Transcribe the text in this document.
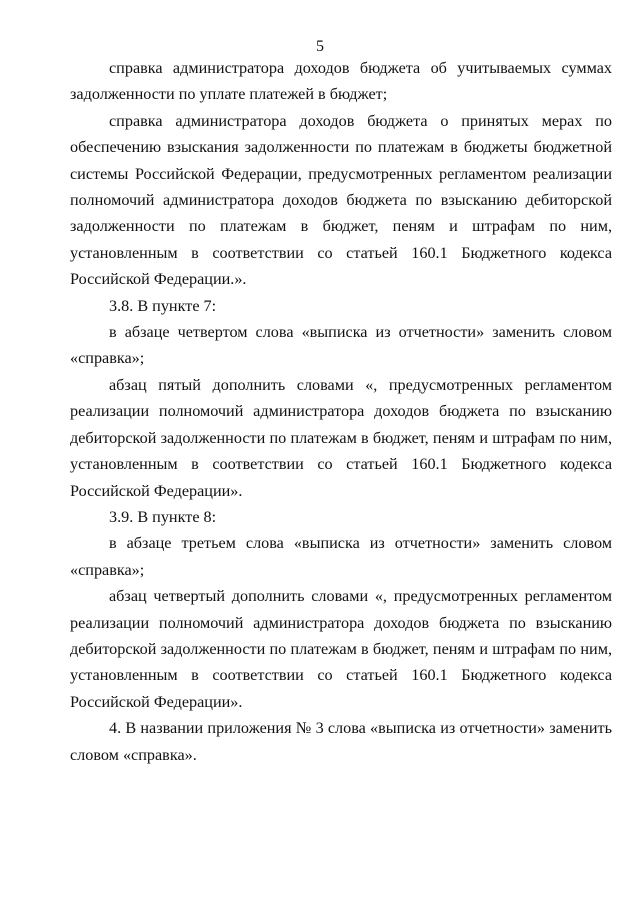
5

справка администратора доходов бюджета об учитываемых суммах задолженности по уплате платежей в бюджет;

справка администратора доходов бюджета о принятых мерах по обеспечению взыскания задолженности по платежам в бюджеты бюджетной системы Российской Федерации, предусмотренных регламентом реализации полномочий администратора доходов бюджета по взысканию дебиторской задолженности по платежам в бюджет, пеням и штрафам по ним, установленным в соответствии со статьей 160.1 Бюджетного кодекса Российской Федерации.».

3.8. В пункте 7:

в абзаце четвертом слова «выписка из отчетности» заменить словом «справка»;

абзац пятый дополнить словами «, предусмотренных регламентом реализации полномочий администратора доходов бюджета по взысканию дебиторской задолженности по платежам в бюджет, пеням и штрафам по ним, установленным в соответствии со статьей 160.1 Бюджетного кодекса Российской Федерации».

3.9. В пункте 8:

в абзаце третьем слова «выписка из отчетности» заменить словом «справка»;

абзац четвертый дополнить словами «, предусмотренных регламентом реализации полномочий администратора доходов бюджета по взысканию дебиторской задолженности по платежам в бюджет, пеням и штрафам по ним, установленным в соответствии со статьей 160.1 Бюджетного кодекса Российской Федерации».

4. В названии приложения № 3 слова «выписка из отчетности» заменить словом «справка».
